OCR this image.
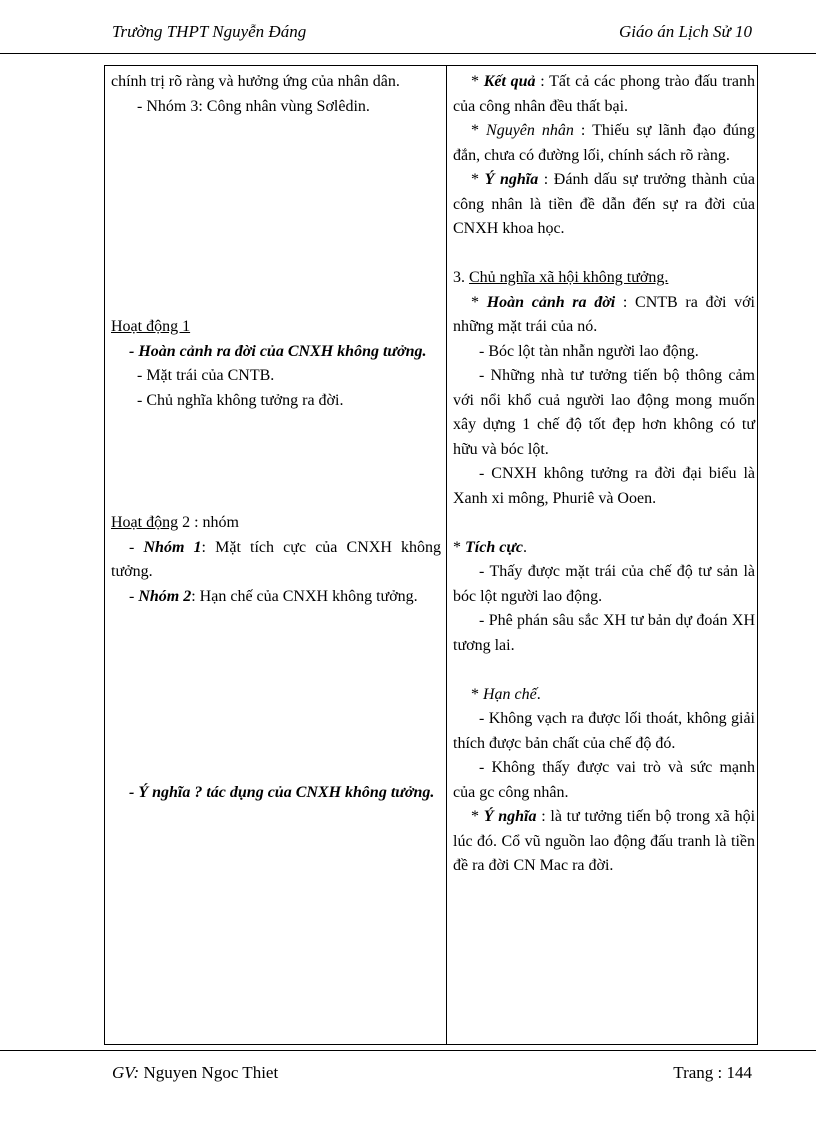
Trường THPT Nguyễn Đáng	Giáo án Lịch Sử 10

chính trị rõ ràng và hưởng ứng của nhân dân.

- Nhóm 3: Công nhân vùng Sơlêdin.

Hoạt động 1

- Hoàn cảnh ra đời của CNXH không tưởng.

- Mặt trái của CNTB.

- Chủ nghĩa không tưởng ra đời.

Hoạt động 2 : nhóm

- Nhóm 1: Mặt tích cực của CNXH không tưởng.

- Nhóm 2: Hạn chế của CNXH không tưởng.

- Ý nghĩa ? tác dụng của CNXH không tưởng.

* Kết quả : Tất cả các phong trào đấu tranh của công nhân đều thất bại.

* Nguyên nhân : Thiếu sự lãnh đạo đúng đắn, chưa có đường lối, chính sách rõ ràng.

* Ý nghĩa : Đánh dấu sự trưởng thành của công nhân là tiền đề dẫn đến sự ra đời của CNXH khoa học.

3. Chủ nghĩa xã hội không tưởng.

* Hoàn cảnh ra đời : CNTB ra đời với những mặt trái của nó.

- Bóc lột tàn nhẫn người lao động.

- Những nhà tư tưởng tiến bộ thông cảm với nổi khổ cuả người lao động mong muốn xây dựng 1 chế độ tốt đẹp hơn không có tư hữu và bóc lột.

- CNXH không tưởng ra đời đại biểu là Xanh xi mông, Phuriê và Ooen.

* Tích cực.

- Thấy được mặt trái của chế độ tư sản là bóc lột người lao động.

- Phê phán sâu sắc XH tư bản dự đoán XH tương lai.

* Hạn chế.

- Không vạch ra được lối thoát, không giải thích được bản chất của chế độ đó.

- Không thấy được vai trò và sức mạnh của gc công nhân.

* Ý nghĩa : là tư tưởng tiến bộ trong xã hội lúc đó. Cổ vũ nguồn lao động đấu tranh là tiền đề ra đời CN Mac ra đời.

GV: Nguyen Ngoc Thiet	Trang : 144
